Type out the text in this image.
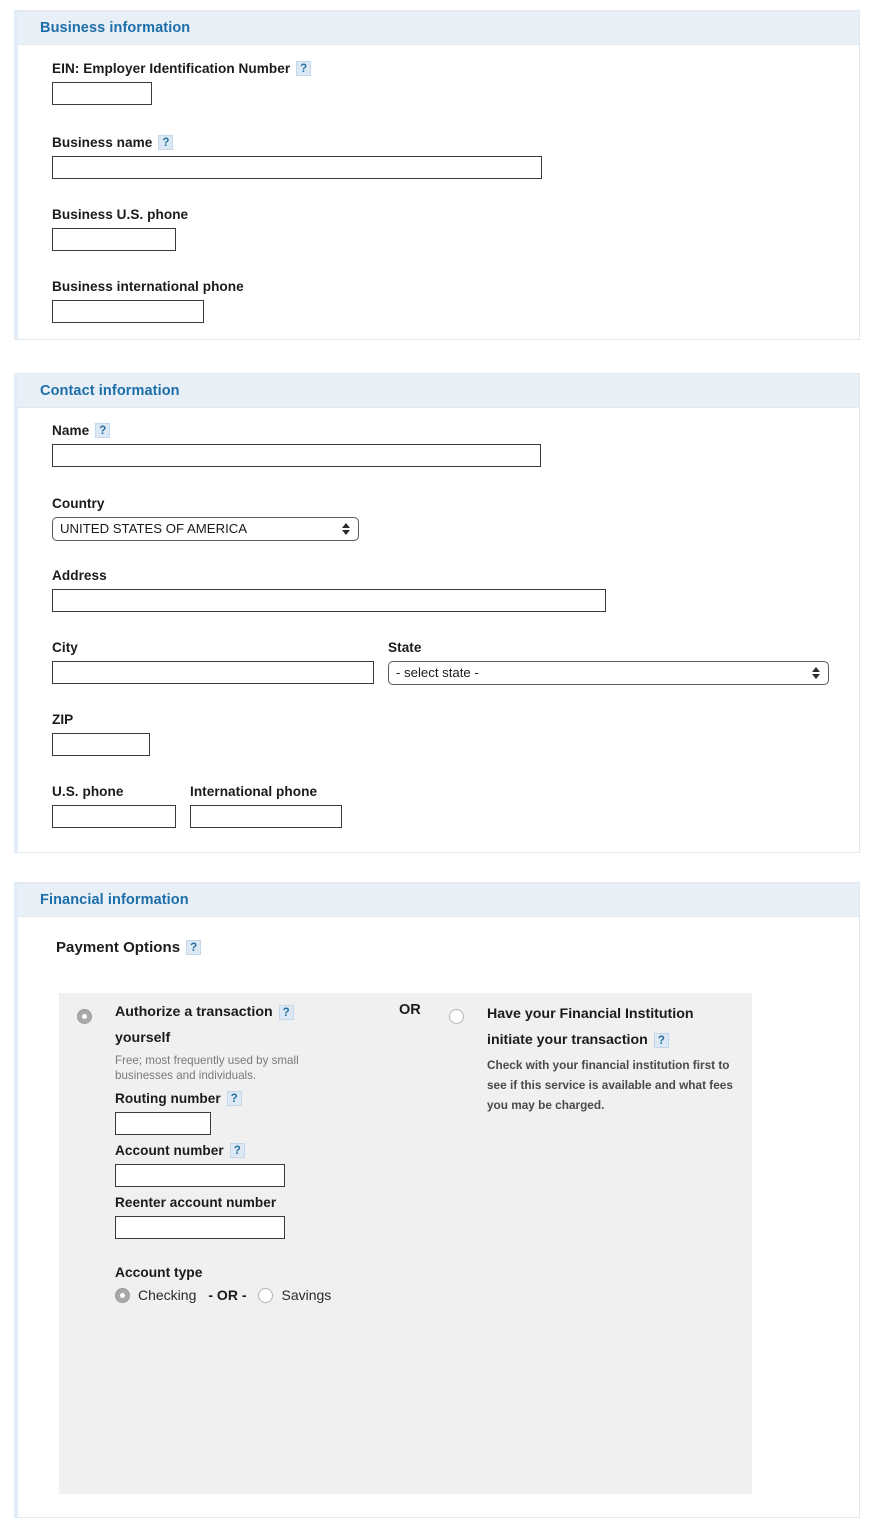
Business information
EIN: Employer Identification Number ?
Business name ?
Business U.S. phone
Business international phone
Contact information
Name ?
Country
UNITED STATES OF AMERICA
Address
City	State
- select state -
ZIP
U.S. phone	International phone
Financial information
Payment Options ?
Authorize a transaction ?
yourself
Free; most frequently used by small businesses and individuals.
Routing number ?
Account number ?
Reenter account number
Account type
Checking - OR -	Savings
OR	Have your Financial Institution
initiate your transaction ?
Check with your financial institution first to see if this service is available and what fees you may be charged.
